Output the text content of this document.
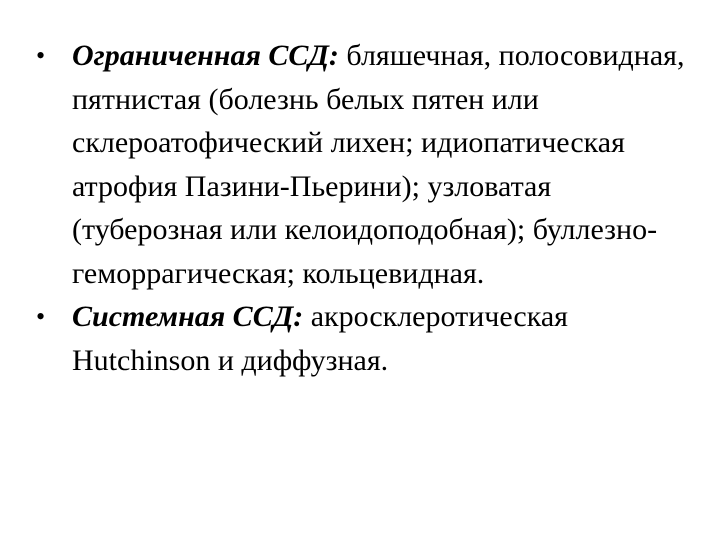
• Ограниченная ССД: бляшечная, полосовидная, пятнистая (болезнь белых пятен или склероатофический лихен; идиопатическая атрофия Пазини-Пьерини); узловатая (туберозная или келоидоподобная); буллезно-геморрагическая; кольцевидная.
• Системная ССД: акросклеротическая Hutchinson и диффузная.
